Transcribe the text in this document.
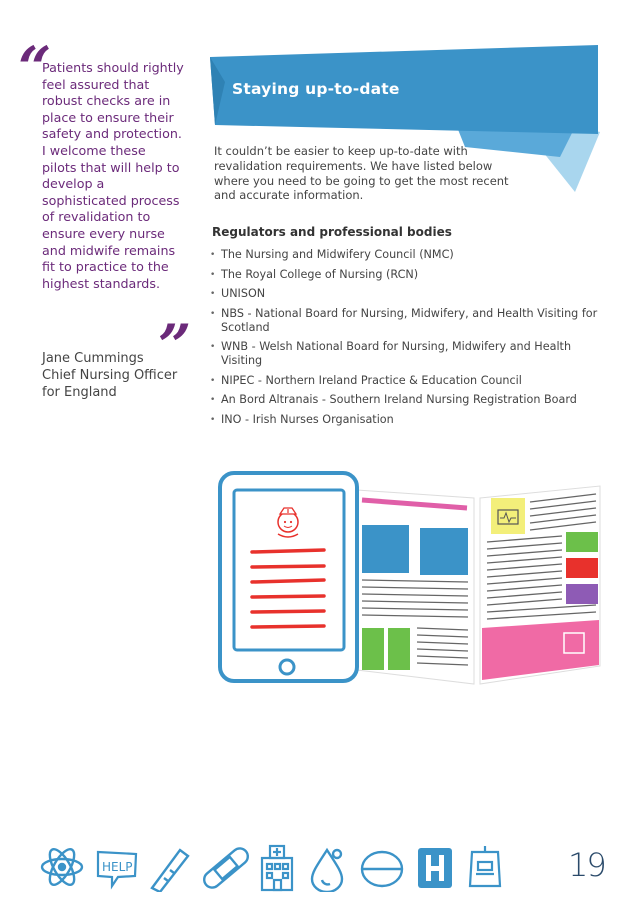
“
Patients should rightly feel assured that robust checks are in place to ensure their safety and protection. I welcome these pilots that will help to develop a sophisticated process of revalidation to ensure every nurse and midwife remains fit to practice to the highest standards.
”
Jane Cummings
Chief Nursing Officer for England
Staying up-to-date
It couldn’t be easier to keep up-to-date with revalidation requirements. We have listed below where you need to be going to get the most recent and accurate information.
Regulators and professional bodies
• The Nursing and Midwifery Council (NMC)
• The Royal College of Nursing (RCN)
• UNISON
• NBS - National Board for Nursing, Midwifery, and Health Visiting for Scotland
• WNB - Welsh National Board for Nursing, Midwifery and Health Visiting
• NIPEC - Northern Ireland Practice & Education Council
• An Bord Altranais - Southern Ireland Nursing Registration Board
• INO - Irish Nurses Organisation
HELP	19
